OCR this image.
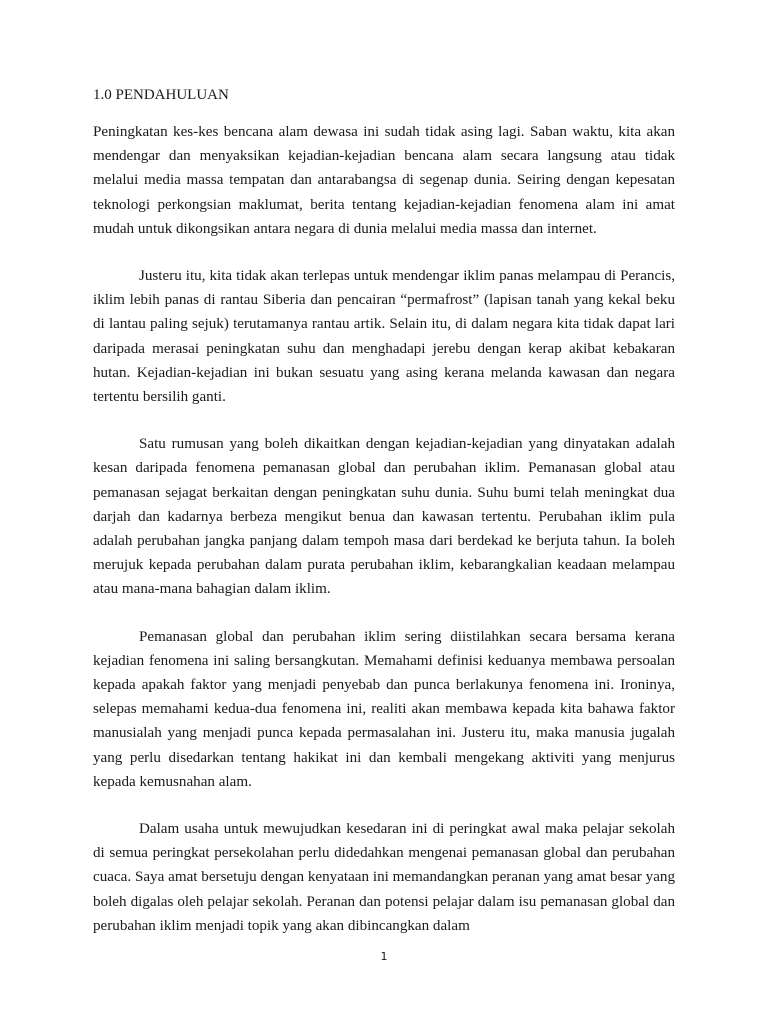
1.0 PENDAHULUAN

Peningkatan kes-kes bencana alam dewasa ini sudah tidak asing lagi. Saban waktu, kita akan mendengar dan menyaksikan kejadian-kejadian bencana alam secara langsung atau tidak melalui media massa tempatan dan antarabangsa di segenap dunia. Seiring dengan kepesatan teknologi perkongsian maklumat, berita tentang kejadian-kejadian fenomena alam ini amat mudah untuk dikongsikan antara negara di dunia melalui media massa dan internet.

Justeru itu, kita tidak akan terlepas untuk mendengar iklim panas melampau di Perancis, iklim lebih panas di rantau Siberia dan pencairan “permafrost” (lapisan tanah yang kekal beku di lantau paling sejuk) terutamanya rantau artik. Selain itu, di dalam negara kita tidak dapat lari daripada merasai peningkatan suhu dan menghadapi jerebu dengan kerap akibat kebakaran hutan. Kejadian-kejadian ini bukan sesuatu yang asing kerana melanda kawasan dan negara tertentu bersilih ganti.

Satu rumusan yang boleh dikaitkan dengan kejadian-kejadian yang dinyatakan adalah kesan daripada fenomena pemanasan global dan perubahan iklim. Pemanasan global atau pemanasan sejagat berkaitan dengan peningkatan suhu dunia. Suhu bumi telah meningkat dua darjah dan kadarnya berbeza mengikut benua dan kawasan tertentu. Perubahan iklim pula adalah perubahan jangka panjang dalam tempoh masa dari berdekad ke berjuta tahun. Ia boleh merujuk kepada perubahan dalam purata perubahan iklim, kebarangkalian keadaan melampau atau mana-mana bahagian dalam iklim.

Pemanasan global dan perubahan iklim sering diistilahkan secara bersama kerana kejadian fenomena ini saling bersangkutan. Memahami definisi keduanya membawa persoalan kepada apakah faktor yang menjadi penyebab dan punca berlakunya fenomena ini. Ironinya, selepas memahami kedua-dua fenomena ini, realiti akan membawa kepada kita bahawa faktor manusialah yang menjadi punca kepada permasalahan ini. Justeru itu, maka manusia jugalah yang perlu disedarkan tentang hakikat ini dan kembali mengekang aktiviti yang menjurus kepada kemusnahan alam.

Dalam usaha untuk mewujudkan kesedaran ini di peringkat awal maka pelajar sekolah di semua peringkat persekolahan perlu didedahkan mengenai pemanasan global dan perubahan cuaca. Saya amat bersetuju dengan kenyataan ini memandangkan peranan yang amat besar yang boleh digalas oleh pelajar sekolah. Peranan dan potensi pelajar dalam isu pemanasan global dan perubahan iklim menjadi topik yang akan dibincangkan dalam

1
